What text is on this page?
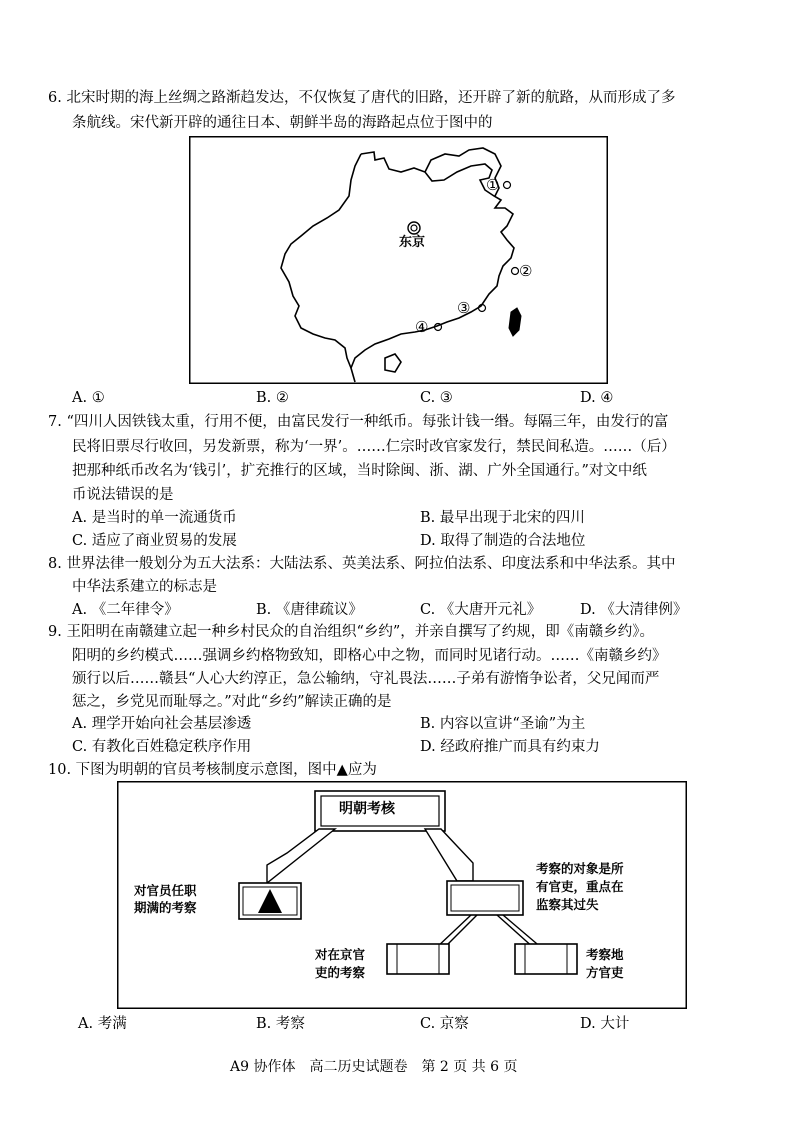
6. 北宋时期的海上丝绸之路渐趋发达，不仅恢复了唐代的旧路，还开辟了新的航路，从而形成了多
条航线。宋代新开辟的通往日本、朝鲜半岛的海路起点位于图中的
东京
①
②
③
④
A. ①	B. ②	C. ③	D. ④
7. “四川人因铁钱太重，行用不便，由富民发行一种纸币。每张计钱一缗。每隔三年，由发行的富
民将旧票尽行收回，另发新票，称为‘一界’。……仁宗时改官家发行，禁民间私造。……（后）
把那种纸币改名为‘钱引’，扩充推行的区域，当时除闽、浙、湖、广外全国通行。”对文中纸
币说法错误的是
A. 是当时的单一流通货币	B. 最早出现于北宋的四川
C. 适应了商业贸易的发展	D. 取得了制造的合法地位
8. 世界法律一般划分为五大法系：大陆法系、英美法系、阿拉伯法系、印度法系和中华法系。其中
中华法系建立的标志是
A. 《二年律令》	B. 《唐律疏议》	C. 《大唐开元礼》	D. 《大清律例》
9. 王阳明在南赣建立起一种乡村民众的自治组织“乡约”，并亲自撰写了约规，即《南赣乡约》。
阳明的乡约模式……强调乡约格物致知，即格心中之物，而同时见诸行动。……《南赣乡约》
颁行以后……赣县“人心大约淳正，急公输纳，守礼畏法……子弟有游惰争讼者，父兄闻而严
惩之，乡党见而耻辱之。”对此“乡约”解读正确的是
A. 理学开始向社会基层渗透	B. 内容以宣讲“圣谕”为主
C. 有教化百姓稳定秩序作用	D. 经政府推广而具有约束力
10. 下图为明朝的官员考核制度示意图，图中▲应为
明朝考核
对官员任职
期满的考察
考察的对象是所
有官吏，重点在
监察其过失
对在京官
吏的考察
考察地
方官吏
A. 考满	B. 考察	C. 京察	D. 大计
A9 协作体　高二历史试题卷　第 2 页 共 6 页
